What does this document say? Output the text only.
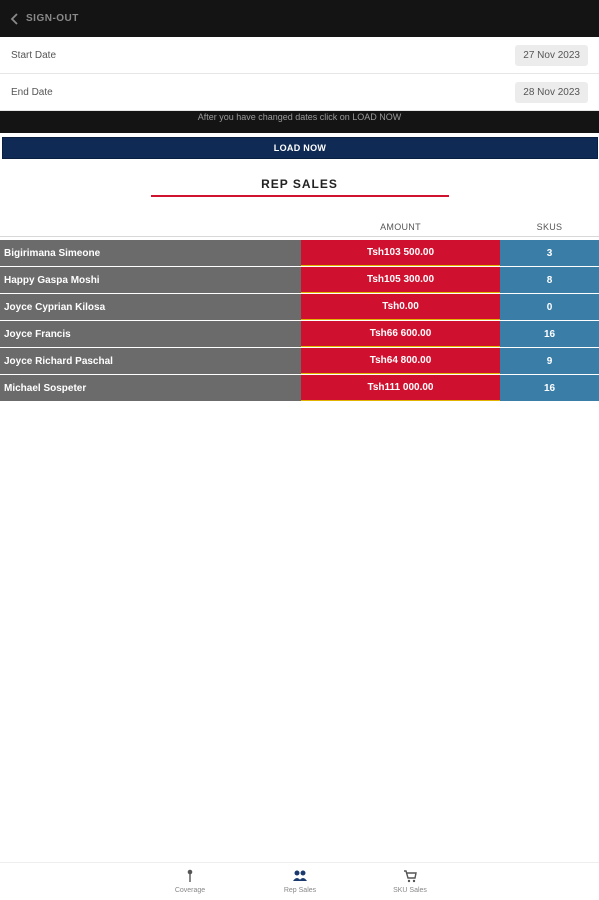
SIGN-OUT
Start Date	27 Nov 2023
End Date	28 Nov 2023
After you have changed dates click on LOAD NOW
LOAD NOW
REP SALES
AMOUNT	SKUS
Bigirimana Simeone	Tsh103 500.00	3
Happy Gaspa Moshi	Tsh105 300.00	8
Joyce Cyprian Kilosa	Tsh0.00	0
Joyce Francis	Tsh66 600.00	16
Joyce Richard Paschal	Tsh64 800.00	9
Michael Sospeter	Tsh111 000.00	16
Coverage	Rep Sales	SKU Sales
